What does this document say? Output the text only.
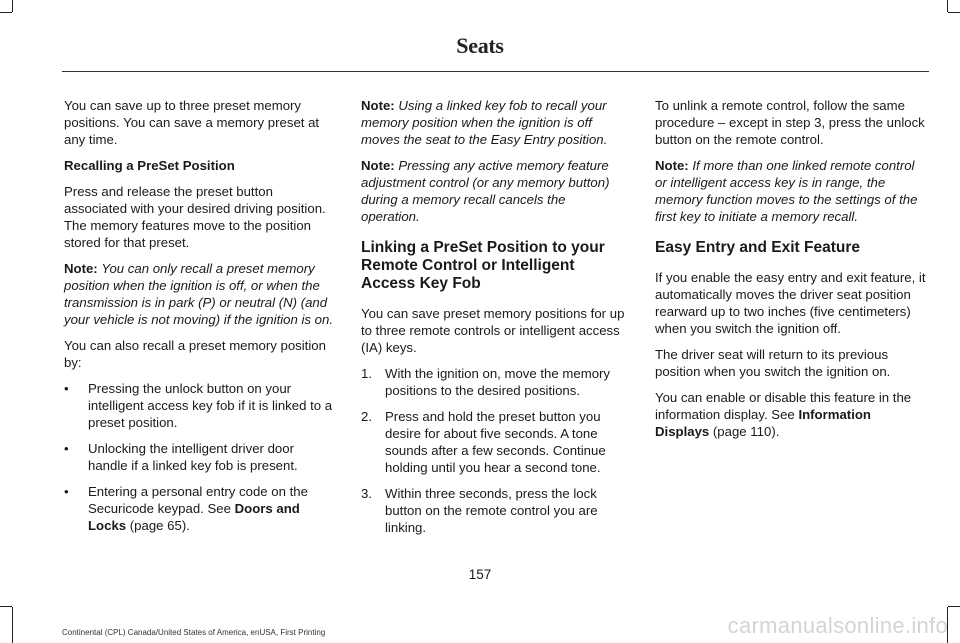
Seats

You can save up to three preset memory positions. You can save a memory preset at any time.

Recalling a PreSet Position

Press and release the preset button associated with your desired driving position. The memory features move to the position stored for that preset.

Note: You can only recall a preset memory position when the ignition is off, or when the transmission is in park (P) or neutral (N) (and your vehicle is not moving) if the ignition is on.

You can also recall a preset memory position by:

• Pressing the unlock button on your intelligent access key fob if it is linked to a preset position.
• Unlocking the intelligent driver door handle if a linked key fob is present.
• Entering a personal entry code on the Securicode keypad. See Doors and Locks (page 65).

Note: Using a linked key fob to recall your memory position when the ignition is off moves the seat to the Easy Entry position.

Note: Pressing any active memory feature adjustment control (or any memory button) during a memory recall cancels the operation.

Linking a PreSet Position to your Remote Control or Intelligent Access Key Fob

You can save preset memory positions for up to three remote controls or intelligent access (IA) keys.

1. With the ignition on, move the memory positions to the desired positions.
2. Press and hold the preset button you desire for about five seconds. A tone sounds after a few seconds. Continue holding until you hear a second tone.
3. Within three seconds, press the lock button on the remote control you are linking.

To unlink a remote control, follow the same procedure – except in step 3, press the unlock button on the remote control.

Note: If more than one linked remote control or intelligent access key is in range, the memory function moves to the settings of the first key to initiate a memory recall.

Easy Entry and Exit Feature

If you enable the easy entry and exit feature, it automatically moves the driver seat position rearward up to two inches (five centimeters) when you switch the ignition off.

The driver seat will return to its previous position when you switch the ignition on.

You can enable or disable this feature in the information display. See Information Displays (page 110).

157
Continental (CPL) Canada/United States of America, enUSA, First Printing	carmanualsonline.info
